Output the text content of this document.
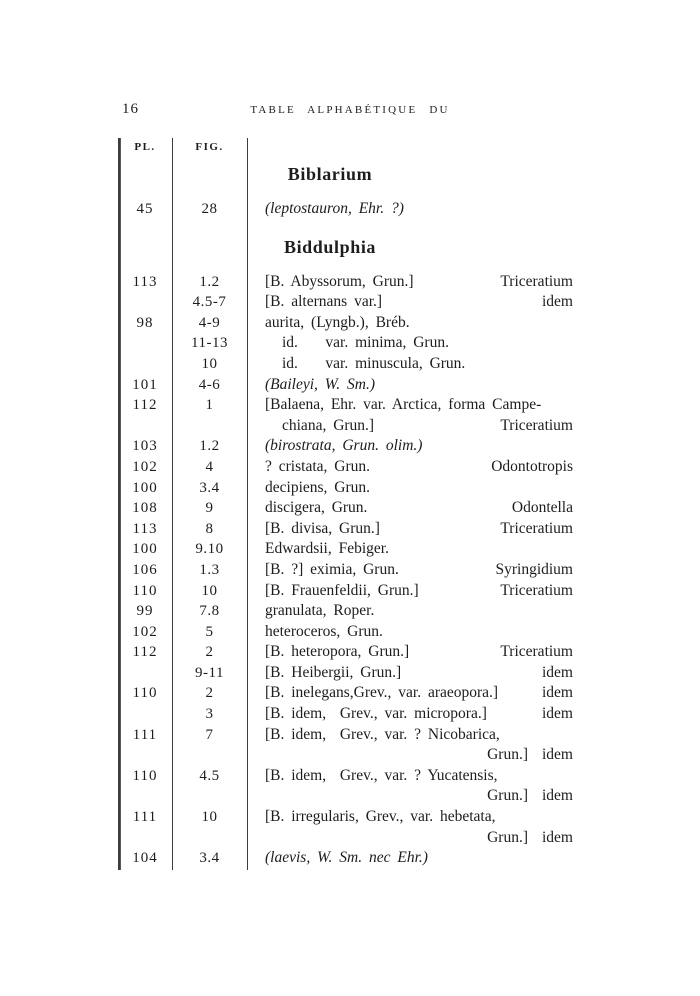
16	TABLE ALPHABÉTIQUE DU
PL.	FIG.
Biblarium
45	28	(leptostauron, Ehr. ?)
Biddulphia
113	1.2	[B. Abyssorum, Grun.]	Triceratium
4.5-7	[B. alternans var.]	idem
98	4-9	aurita, (Lyngb.), Bréb.
11-13	id.    var. minima, Grun.
10	id.    var. minuscula, Grun.
101	4-6	(Baileyi, W. Sm.)
112	1	[Balaena, Ehr. var. Arctica, forma Campe-
chiana, Grun.]	Triceratium
103	1.2	(birostrata, Grun. olim.)
102	4	? cristata, Grun.	Odontotropis
100	3.4	decipiens, Grun.
108	9	discigera, Grun.	Odontella
113	8	[B. divisa, Grun.]	Triceratium
100	9.10	Edwardsii, Febiger.
106	1.3	[B. ?] eximia, Grun.	Syringidium
110	10	[B. Frauenfeldii, Grun.]	Triceratium
99	7.8	granulata, Roper.
102	5	heteroceros, Grun.
112	2	[B. heteropora, Grun.]	Triceratium
9-11	[B. Heibergii, Grun.]	idem
110	2	[B. inelegans,Grev., var. araeopora.]	idem
3	[B. idem,  Grev., var. micropora.]	idem
111	7	[B. idem,  Grev., var. ? Nicobarica,
Grun.] idem
110	4.5	[B. idem,  Grev., var. ? Yucatensis,
Grun.] idem
111	10	[B. irregularis, Grev., var. hebetata,
Grun.] idem
104	3.4	(laevis, W. Sm. nec Ehr.)
